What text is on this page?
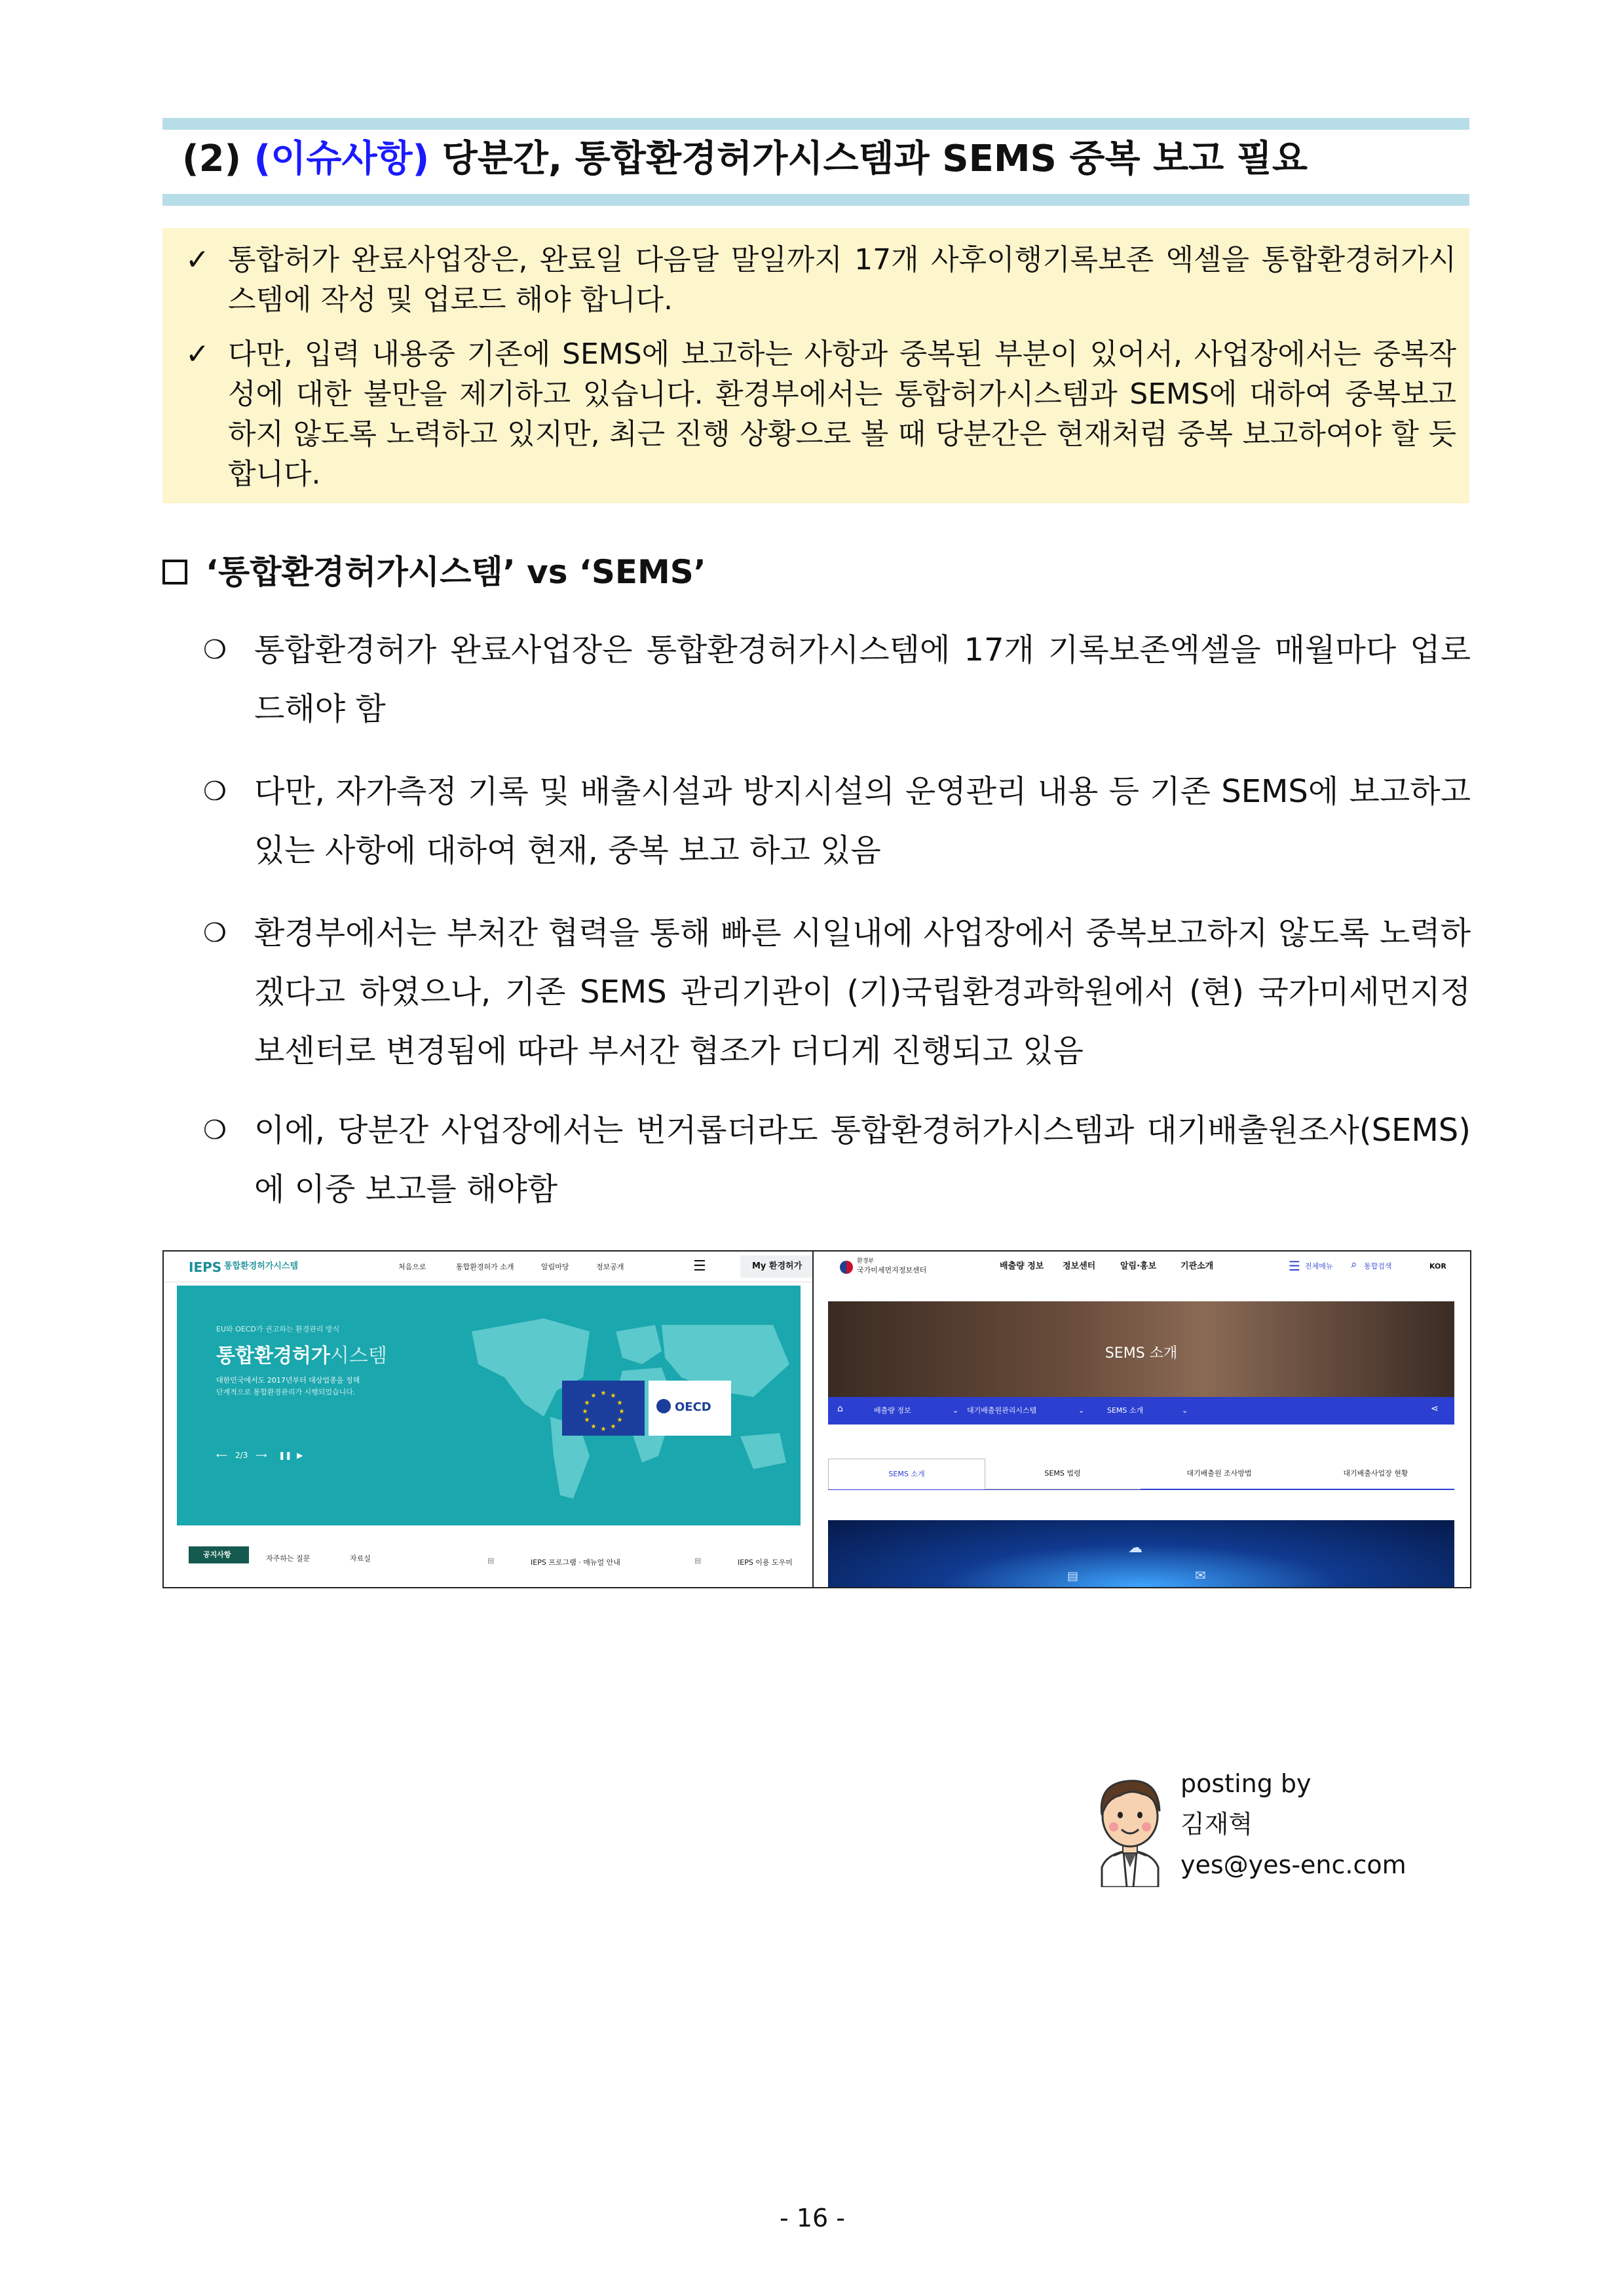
(2) (이슈사항) 당분간, 통합환경허가시스템과 SEMS 중복 보고 필요
✓ 통합허가 완료사업장은, 완료일 다음달 말일까지 17개 사후이행기록보존 엑셀을 통합환경허가시스템에 작성 및 업로드 해야 합니다.
✓ 다만, 입력 내용중 기존에 SEMS에 보고하는 사항과 중복된 부분이 있어서, 사업장에서는 중복작성에 대한 불만을 제기하고 있습니다. 환경부에서는 통합허가시스템과 SEMS에 대하여 중복보고 하지 않도록 노력하고 있지만, 최근 진행 상황으로 볼 때 당분간은 현재처럼 중복 보고하여야 할 듯 합니다.
‘통합환경허가시스템’ vs ‘SEMS’
❍ 통합환경허가 완료사업장은 통합환경허가시스템에 17개 기록보존엑셀을 매월마다 업로드해야 함
❍ 다만, 자가측정 기록 및 배출시설과 방지시설의 운영관리 내용 등 기존 SEMS에 보고하고 있는 사항에 대하여 현재, 중복 보고 하고 있음
❍ 환경부에서는 부처간 협력을 통해 빠른 시일내에 사업장에서 중복보고하지 않도록 노력하겠다고 하였으나, 기존 SEMS 관리기관이 (기)국립환경과학원에서 (현) 국가미세먼지정보센터로 변경됨에 따라 부서간 협조가 더디게 진행되고 있음
❍ 이에, 당분간 사업장에서는 번거롭더라도 통합환경허가시스템과 대기배출원조사(SEMS)에 이중 보고를 해야함
IEPS 통합환경허가시스템	처음으로	통합환경허가 소개	알림마당	정보공개	☰	My 환경허가
EU와 OECD가 권고하는 환경관리 방식
통합환경허가시스템
대한민국에서도 2017년부터 대상업종을 정해
단계적으로 통합환경관리가 시행되었습니다.
⟵ 2/3 ⟶ ❚❚ ▶
★ ★
★
★
★
★
★
★
★
★
★
★
OECD
공지사항	자주하는 질문	자료실	▤	IEPS 프로그램 · 매뉴얼 안내	▤	IEPS 이용 도우미
환경부
국가미세먼지정보센터	배출량 정보 정보센터	알림·홍보	기관소개	☰ 전체메뉴 ⌕ 통합검색	KOR
SEMS 소개
⌂	배출량 정보	⌄ 대기배출원관리시스템	⌄	SEMS 소개	⌄	⋖
SEMS 소개	SEMS 법령	대기배출원 조사방법	대기배출사업장 현황
☁
▤	✉
posting by
김재혁
yes@yes-enc.com
- 16 -
